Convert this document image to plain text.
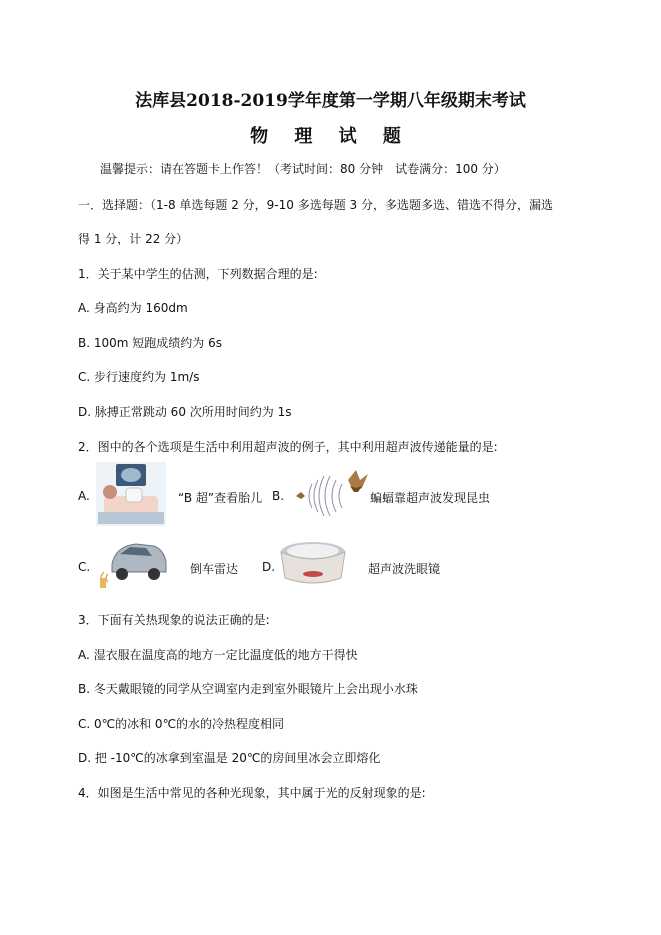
法库县2018-2019学年度第一学期八年级期末考试
物 理 试 题
温馨提示：请在答题卡上作答！（考试时间：80 分钟　试卷满分：100 分）
一．选择题：（1-8 单选每题 2 分，9-10 多选每题 3 分，多选题多选、错选不得分，漏选
得 1 分，计 22 分）
1．关于某中学生的估测，下列数据合理的是:
A. 身高约为 160dm
B. 100m 短跑成绩约为 6s
C. 步行速度约为 1m/s
D. 脉搏正常跳动 60 次所用时间约为 1s
2．图中的各个选项是生活中利用超声波的例子，其中利用超声波传递能量的是:
A.	“B 超”查看胎儿 B.	蝙蝠靠超声波发现昆虫
C.	倒车雷达 D.	超声波洗眼镜
3．下面有关热现象的说法正确的是:
A. 湿衣服在温度高的地方一定比温度低的地方干得快
B. 冬天戴眼镜的同学从空调室内走到室外眼镜片上会出现小水珠
C. 0℃的冰和 0℃的水的冷热程度相同
D. 把 -10℃的冰拿到室温是 20℃的房间里冰会立即熔化
4．如图是生活中常见的各种光现象，其中属于光的反射现象的是:
